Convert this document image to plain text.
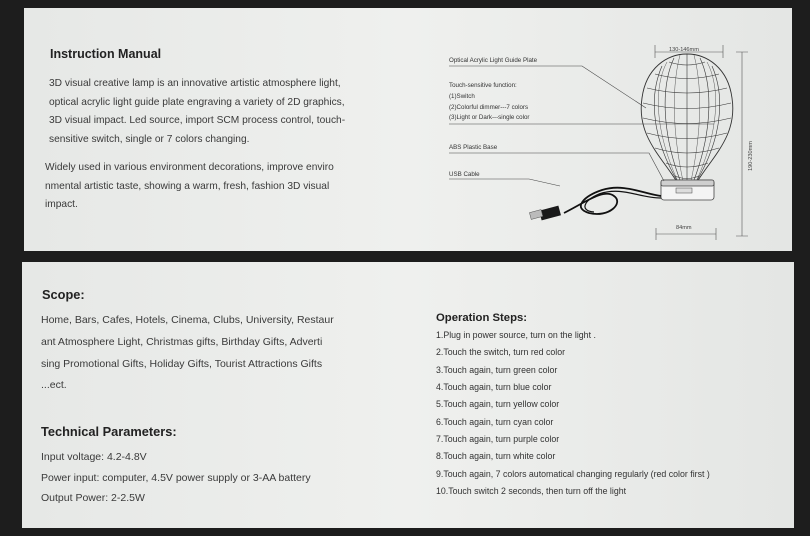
Instruction Manual
3D visual creative lamp is an innovative artistic atmosphere light,
optical acrylic light guide plate engraving a variety of 2D graphics,
3D visual impact. Led source, import SCM process control, touch-
sensitive switch, single or 7 colors changing.
Widely used in various environment decorations, improve enviro
nmental artistic taste, showing a warm, fresh, fashion 3D visual
impact.
Optical Acrylic Light Guide Plate
Touch-sensitive function:
(1)Switch
(2)Colorful dimmer---7 colors
(3)Light or Dark---single color
ABS Plastic Base
USB Cable
130-146mm
190-230mm
84mm
Scope:
Home, Bars, Cafes, Hotels, Cinema, Clubs, University, Restaur
ant Atmosphere Light, Christmas gifts, Birthday Gifts, Adverti
sing Promotional Gifts, Holiday Gifts, Tourist Attractions Gifts
...ect.
Technical Parameters:
Input voltage: 4.2-4.8V
Power input: computer, 4.5V power supply or 3-AA battery
Output Power: 2-2.5W
Operation Steps:
1.Plug in power source, turn on the light .
2.Touch the switch, turn red color
3.Touch again, turn green color
4.Touch again, turn blue color
5.Touch again, turn yellow color
6.Touch again, turn cyan color
7.Touch again, turn purple color
8.Touch again, turn white color
9.Touch again, 7 colors automatical changing regularly (red color first )
10.Touch switch 2 seconds, then turn off the light
